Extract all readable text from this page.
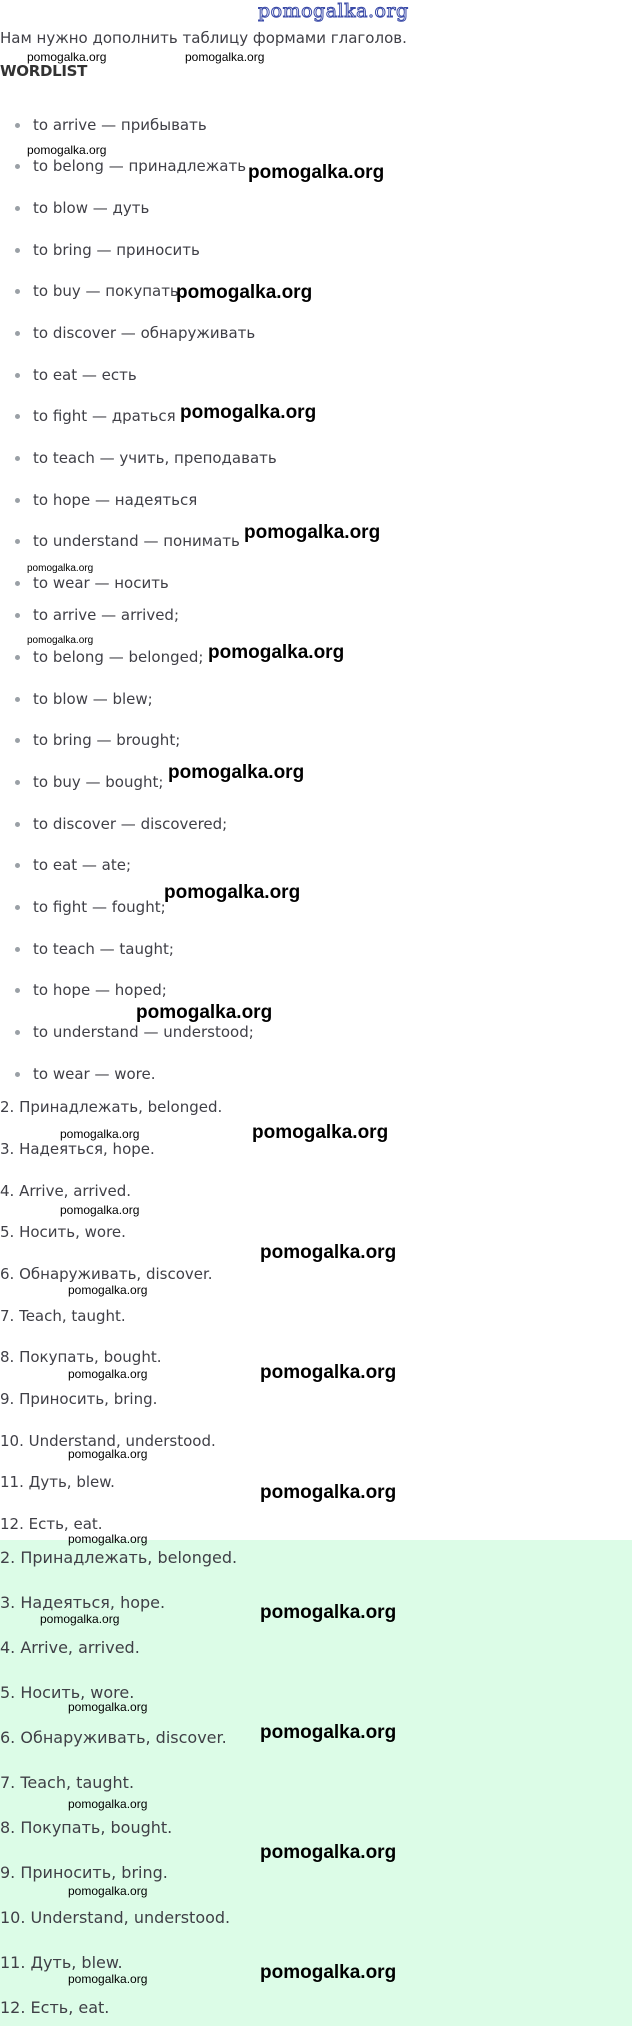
pomogalka.org
Нам нужно дополнить таблицу формами глаголов.
WORDLIST
to arrive — прибывать
to belong — принадлежать
to blow — дуть
to bring — приносить
to buy — покупать
to discover — обнаруживать
to eat — есть
to fight — драться
to teach — учить, преподавать
to hope — надеяться
to understand — понимать
to wear — носить
to arrive — arrived;
to belong — belonged;
to blow — blew;
to bring — brought;
to buy — bought;
to discover — discovered;
to eat — ate;
to fight — fought;
to teach — taught;
to hope — hoped;
to understand — understood;
to wear — wore.
2. Принадлежать, belonged.
3. Надеяться, hope.
4. Arrive, arrived.
5. Носить, wore.
6. Обнаруживать, discover.
7. Teach, taught.
8. Покупать, bought.
9. Приносить, bring.
10. Understand, understood.
11. Дуть, blew.
12. Есть, eat.
2. Принадлежать, belonged.
3. Надеяться, hope.
4. Arrive, arrived.
5. Носить, wore.
6. Обнаруживать, discover.
7. Teach, taught.
8. Покупать, bought.
9. Приносить, bring.
10. Understand, understood.
11. Дуть, blew.
12. Есть, eat.
pomogalka.org	pomogalka.org
pomogalka.org
pomogalka.org
pomogalka.org
pomogalka.org
pomogalka.org
pomogalka.org
pomogalka.org
pomogalka.org
pomogalka.org
pomogalka.org
pomogalka.org
pomogalka.org	pomogalka.org
pomogalka.org
pomogalka.org
pomogalka.org
pomogalka.org	pomogalka.org
pomogalka.org
pomogalka.org
pomogalka.org
pomogalka.org
pomogalka.org
pomogalka.org
pomogalka.org
pomogalka.org
pomogalka.org
pomogalka.org
pomogalka.org	pomogalka.org
